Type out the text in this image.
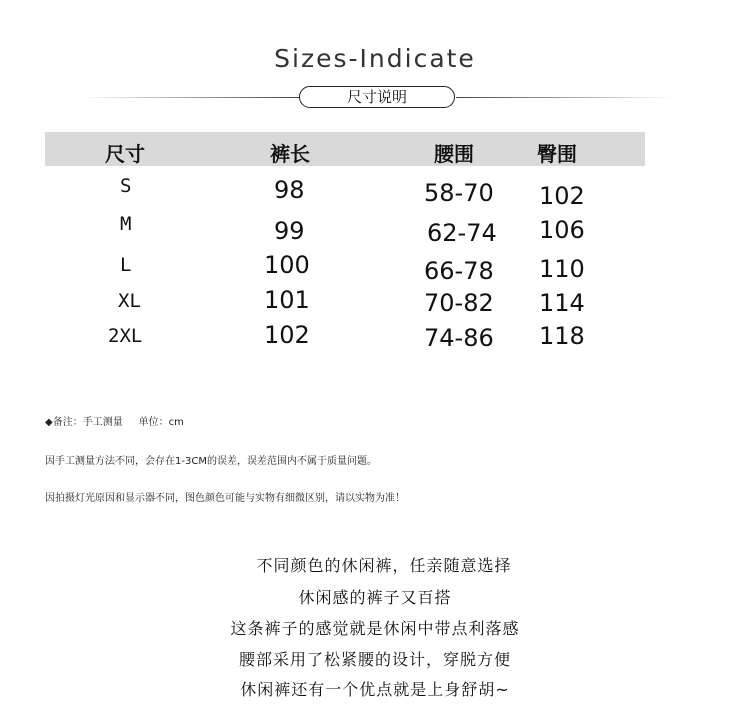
Sizes-Indicate
尺寸说明
尺寸	裤长	腰围	臀围
S	98	58-70 102
M	99	62-74 106
L	100	66-78 110
XL	101	70-82 114
2XL	102	74-86 118
◆备注：手工测量     单位：cm
因手工测量方法不同，会存在1-3CM的误差，误差范围内不属于质量问题。
因拍摄灯光原因和显示器不同，图色颜色可能与实物有细微区别，请以实物为准！
不同颜色的休闲裤，任亲随意选择
休闲感的裤子又百搭
这条裤子的感觉就是休闲中带点利落感
腰部采用了松紧腰的设计，穿脱方便
休闲裤还有一个优点就是上身舒胡~
